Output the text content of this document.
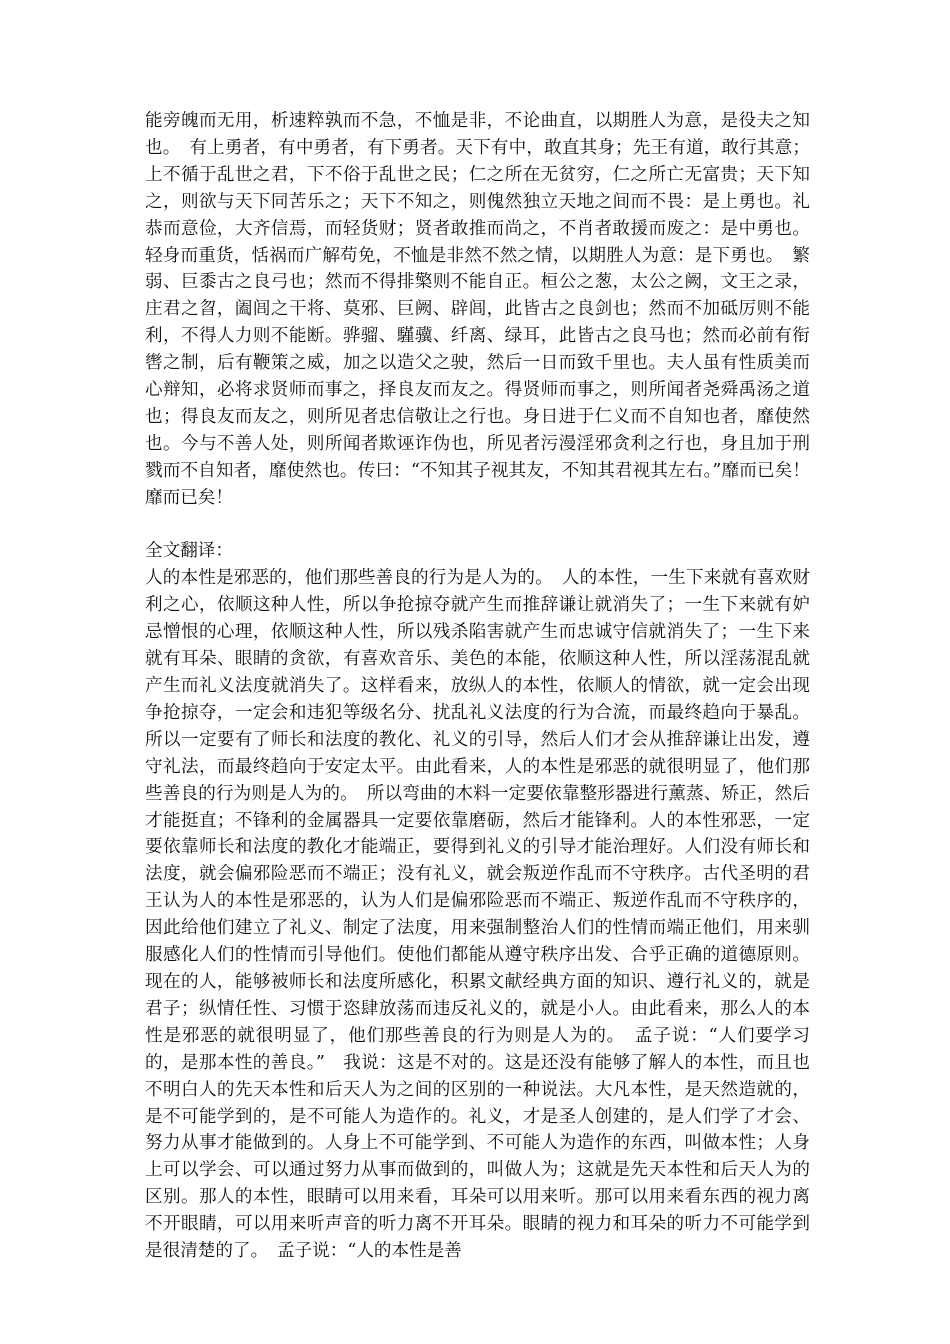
能旁魄而无用，析速粹孰而不急，不恤是非，不论曲直，以期胜人为意，是役夫之知也。　有上勇者，有中勇者，有下勇者。天下有中，敢直其身；先王有道，敢行其意；上不循于乱世之君，下不俗于乱世之民；仁之所在无贫穷，仁之所亡无富贵；天下知之，则欲与天下同苦乐之；天下不知之，则傀然独立天地之间而不畏：是上勇也。礼恭而意俭，大齐信焉，而轻货财；贤者敢推而尚之，不肖者敢援而废之：是中勇也。轻身而重货，恬祸而广解苟免，不恤是非然不然之情，以期胜人为意：是下勇也。　繁弱、巨黍古之良弓也；然而不得排檠则不能自正。桓公之葱，太公之阙，文王之录，庄君之曶，阖闾之干将、莫邪、巨阙、辟闾，此皆古之良剑也；然而不加砥厉则不能利，不得人力则不能断。骅骝、騹骥、纤离、绿耳，此皆古之良马也；然而必前有衔辔之制，后有鞭策之威，加之以造父之驶，然后一日而致千里也。夫人虽有性质美而心辩知，必将求贤师而事之，择良友而友之。得贤师而事之，则所闻者尧舜禹汤之道也；得良友而友之，则所见者忠信敬让之行也。身日进于仁义而不自知也者，靡使然也。今与不善人处，则所闻者欺诬诈伪也，所见者污漫淫邪贪利之行也，身且加于刑戮而不自知者，靡使然也。传曰：“不知其子视其友，不知其君视其左右。”靡而已矣！靡而已矣！

全文翻译：

人的本性是邪恶的，他们那些善良的行为是人为的。　人的本性，一生下来就有喜欢财利之心，依顺这种人性，所以争抢掠夺就产生而推辞谦让就消失了；一生下来就有妒忌憎恨的心理，依顺这种人性，所以残杀陷害就产生而忠诚守信就消失了；一生下来就有耳朵、眼睛的贪欲，有喜欢音乐、美色的本能，依顺这种人性，所以淫荡混乱就产生而礼义法度就消失了。这样看来，放纵人的本性，依顺人的情欲，就一定会出现争抢掠夺，一定会和违犯等级名分、扰乱礼义法度的行为合流，而最终趋向于暴乱。所以一定要有了师长和法度的教化、礼义的引导，然后人们才会从推辞谦让出发，遵守礼法，而最终趋向于安定太平。由此看来，人的本性是邪恶的就很明显了，他们那些善良的行为则是人为的。　所以弯曲的木料一定要依靠整形器进行薰蒸、矫正，然后才能挺直；不锋利的金属器具一定要依靠磨砺，然后才能锋利。人的本性邪恶，一定要依靠师长和法度的教化才能端正，要得到礼义的引导才能治理好。人们没有师长和法度，就会偏邪险恶而不端正；没有礼义，就会叛逆作乱而不守秩序。古代圣明的君王认为人的本性是邪恶的，认为人们是偏邪险恶而不端正、叛逆作乱而不守秩序的，因此给他们建立了礼义、制定了法度，用来强制整治人们的性情而端正他们，用来驯服感化人们的性情而引导他们。使他们都能从遵守秩序出发、合乎正确的道德原则。现在的人，能够被师长和法度所感化，积累文献经典方面的知识、遵行礼义的，就是君子；纵情任性、习惯于恣肆放荡而违反礼义的，就是小人。由此看来，那么人的本性是邪恶的就很明显了，他们那些善良的行为则是人为的。　孟子说：“人们要学习的，是那本性的善良。”　我说：这是不对的。这是还没有能够了解人的本性，而且也不明白人的先天本性和后天人为之间的区别的一种说法。大凡本性，是天然造就的，是不可能学到的，是不可能人为造作的。礼义，才是圣人创建的，是人们学了才会、努力从事才能做到的。人身上不可能学到、不可能人为造作的东西，叫做本性；人身上可以学会、可以通过努力从事而做到的，叫做人为；这就是先天本性和后天人为的区别。那人的本性，眼睛可以用来看，耳朵可以用来听。那可以用来看东西的视力离不开眼睛，可以用来听声音的听力离不开耳朵。眼睛的视力和耳朵的听力不可能学到是很清楚的了。　孟子说：“人的本性是善
